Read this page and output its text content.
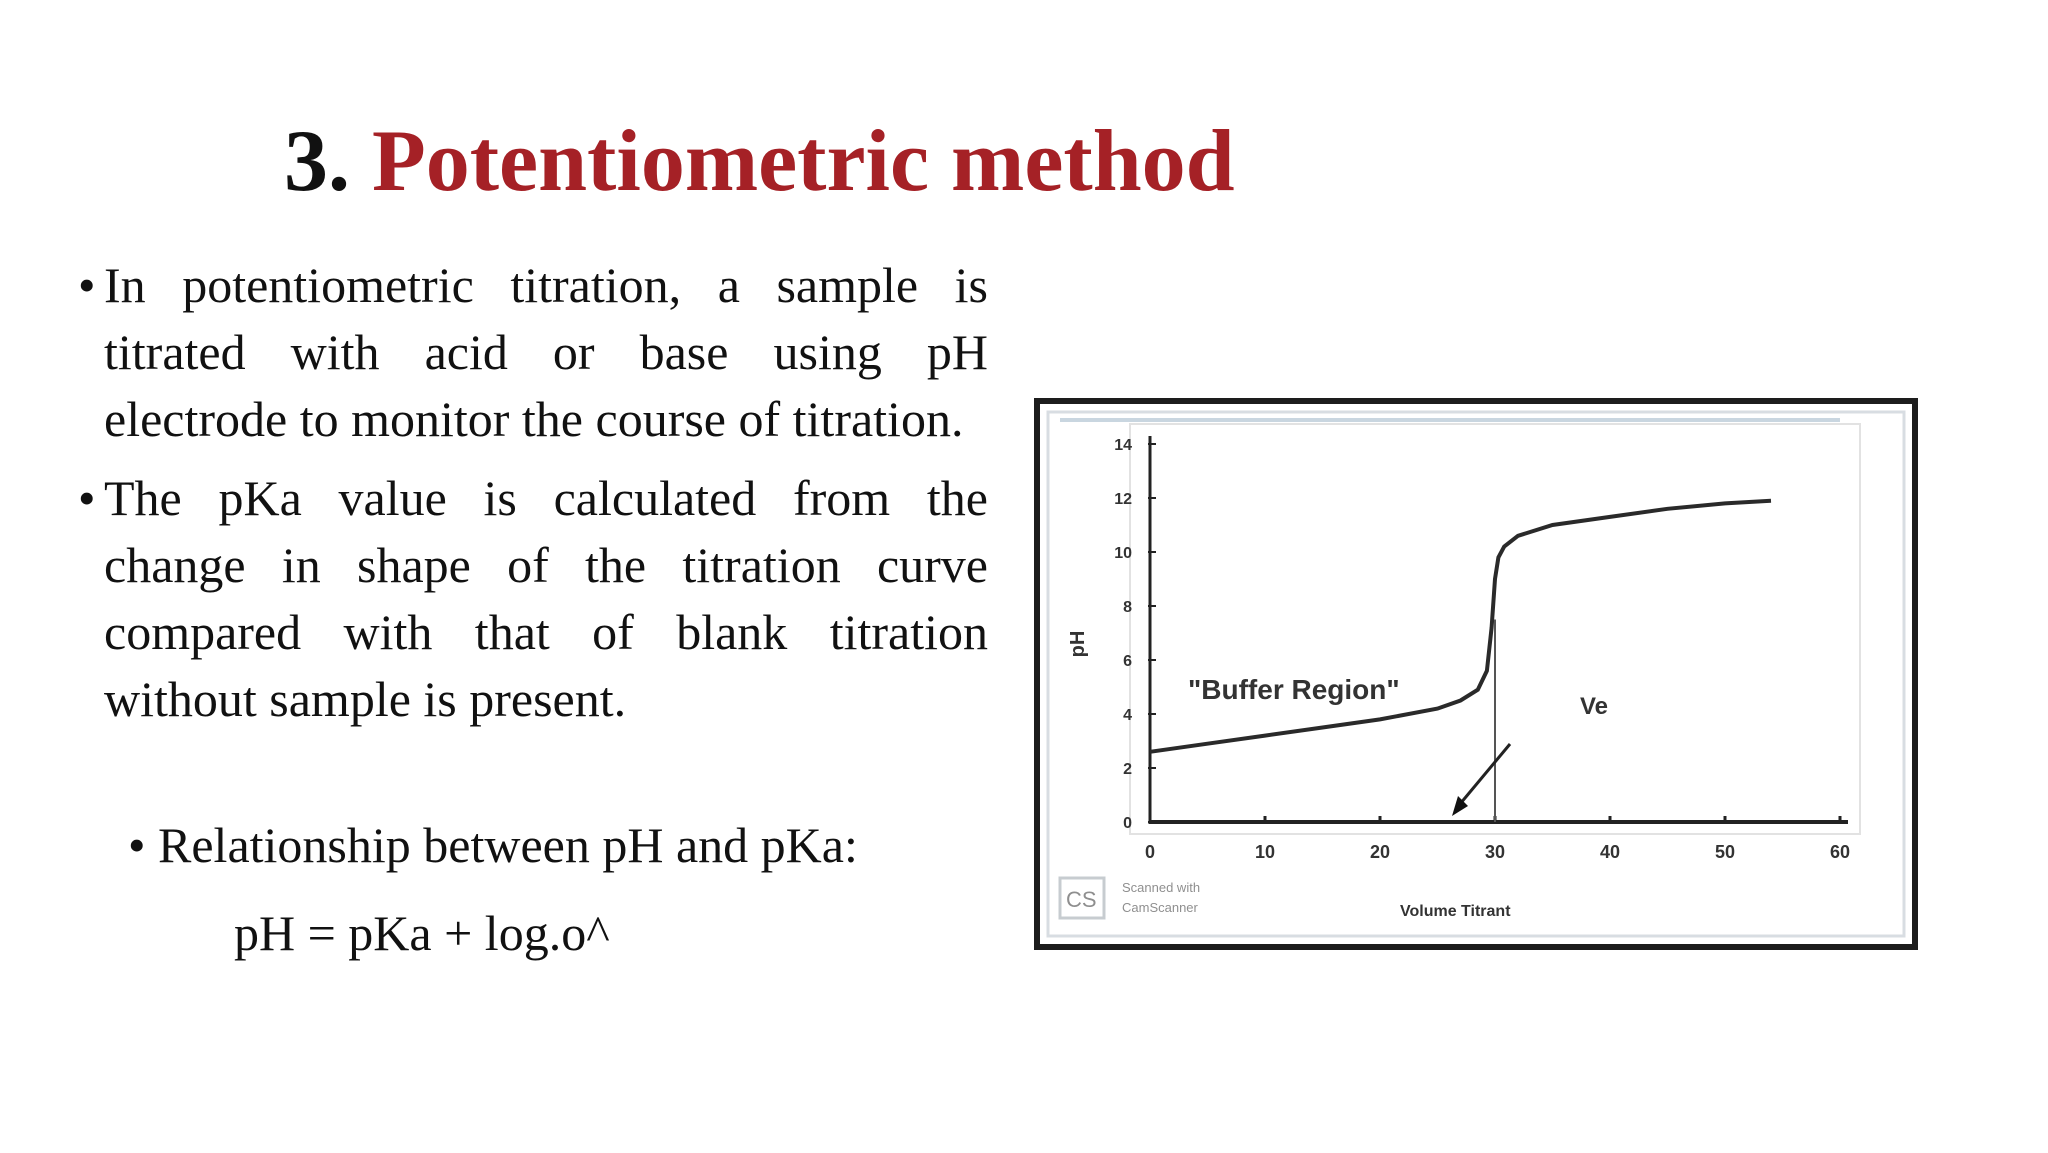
3. Potentiometric method
• In potentiometric titration, a sample is titrated with acid or base using pH electrode to monitor the course of titration.
• The pKa value is calculated from the change in shape of the titration curve compared with that of blank titration without sample is present.
• Relationship between pH and pKa:
pH = pKa + log.o^
0	10	20	30	40	50	60
0
2
4
6
8
10
12
14
"Buffer Region"
Ve
pH
Volume Titrant
CS Scanned with
CamScanner
